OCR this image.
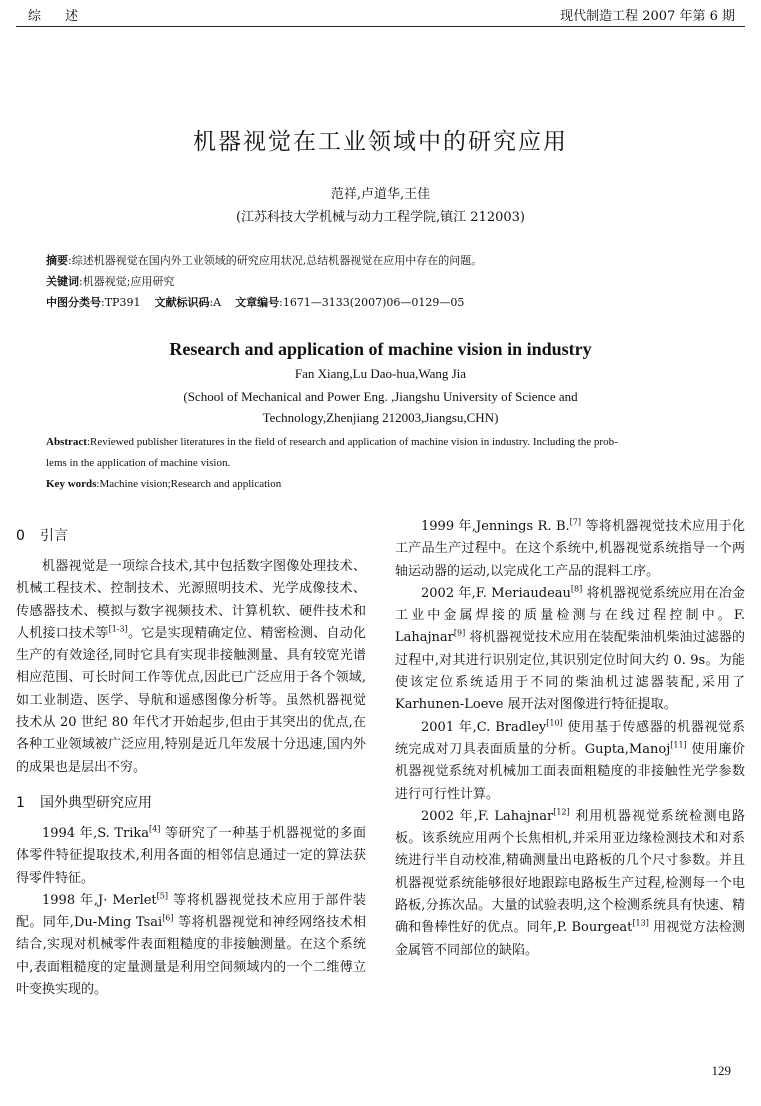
综 述	现代制造工程 2007 年第 6 期
机器视觉在工业领域中的研究应用
范祥,卢道华,王佳
(江苏科技大学机械与动力工程学院,镇江 212003)
摘要:综述机器视觉在国内外工业领域的研究应用状况,总结机器视觉在应用中存在的问题。
关键词:机器视觉;应用研究
中图分类号:TP391 文献标识码:A 文章编号:1671—3133(2007)06—0129—05
Research and application of machine vision in industry
Fan Xiang,Lu Dao-hua,Wang Jia
(School of Mechanical and Power Eng. ,Jiangshu University of Science and
Technology,Zhenjiang 212003,Jiangsu,CHN)
Abstract:Reviewed publisher literatures in the field of research and application of machine vision in industry. Including the prob-
lems in the application of machine vision.
Key words:Machine vision;Research and application
0 引言

机器视觉是一项综合技术,其中包括数字图像处理技术、机械工程技术、控制技术、光源照明技术、光学成像技术、传感器技术、模拟与数字视频技术、计算机软、硬件技术和人机接口技术等[1-3]。它是实现精确定位、精密检测、自动化生产的有效途径,同时它具有实现非接触测量、具有较宽光谱相应范围、可长时间工作等优点,因此已广泛应用于各个领域,如工业制造、医学、导航和遥感图像分析等。虽然机器视觉技术从 20 世纪 80 年代才开始起步,但由于其突出的优点,在各种工业领域被广泛应用,特别是近几年发展十分迅速,国内外的成果也是层出不穷。

1 国外典型研究应用

1994 年,S. Trika[4] 等研究了一种基于机器视觉的多面体零件特征提取技术,利用各面的相邻信息通过一定的算法获得零件特征。

1998 年,J· Merlet[5] 等将机器视觉技术应用于部件装配。同年,Du-Ming Tsai[6] 等将机器视觉和神经网络技术相结合,实现对机械零件表面粗糙度的非接触测量。在这个系统中,表面粗糙度的定量测量是利用空间频域内的一个二维傅立叶变换实现的。

1999 年,Jennings R. B.[7] 等将机器视觉技术应用于化工产品生产过程中。在这个系统中,机器视觉系统指导一个两轴运动器的运动,以完成化工产品的混料工序。

2002 年,F. Meriaudeau[8] 将机器视觉系统应用在冶金工业中金属焊接的质量检测与在线过程控制中。F. Lahajnar[9] 将机器视觉技术应用在装配柴油机柴油过滤器的过程中,对其进行识别定位,其识别定位时间大约 0. 9s。为能使该定位系统适用于不同的柴油机过滤器装配,采用了 Karhunen-Loeve 展开法对图像进行特征提取。

2001 年,C. Bradley[10] 使用基于传感器的机器视觉系统完成对刀具表面质量的分析。Gupta,Manoj[11] 使用廉价机器视觉系统对机械加工面表面粗糙度的非接触性光学参数进行可行性计算。

2002 年,F. Lahajnar[12] 利用机器视觉系统检测电路板。该系统应用两个长焦相机,并采用亚边缘检测技术和对系统进行半自动校准,精确测量出电路板的几个尺寸参数。并且机器视觉系统能够很好地跟踪电路板生产过程,检测每一个电路板,分拣次品。大量的试验表明,这个检测系统具有快速、精确和鲁棒性好的优点。同年,P. Bourgeat[13] 用视觉方法检测金属管不同部位的缺陷。

129
